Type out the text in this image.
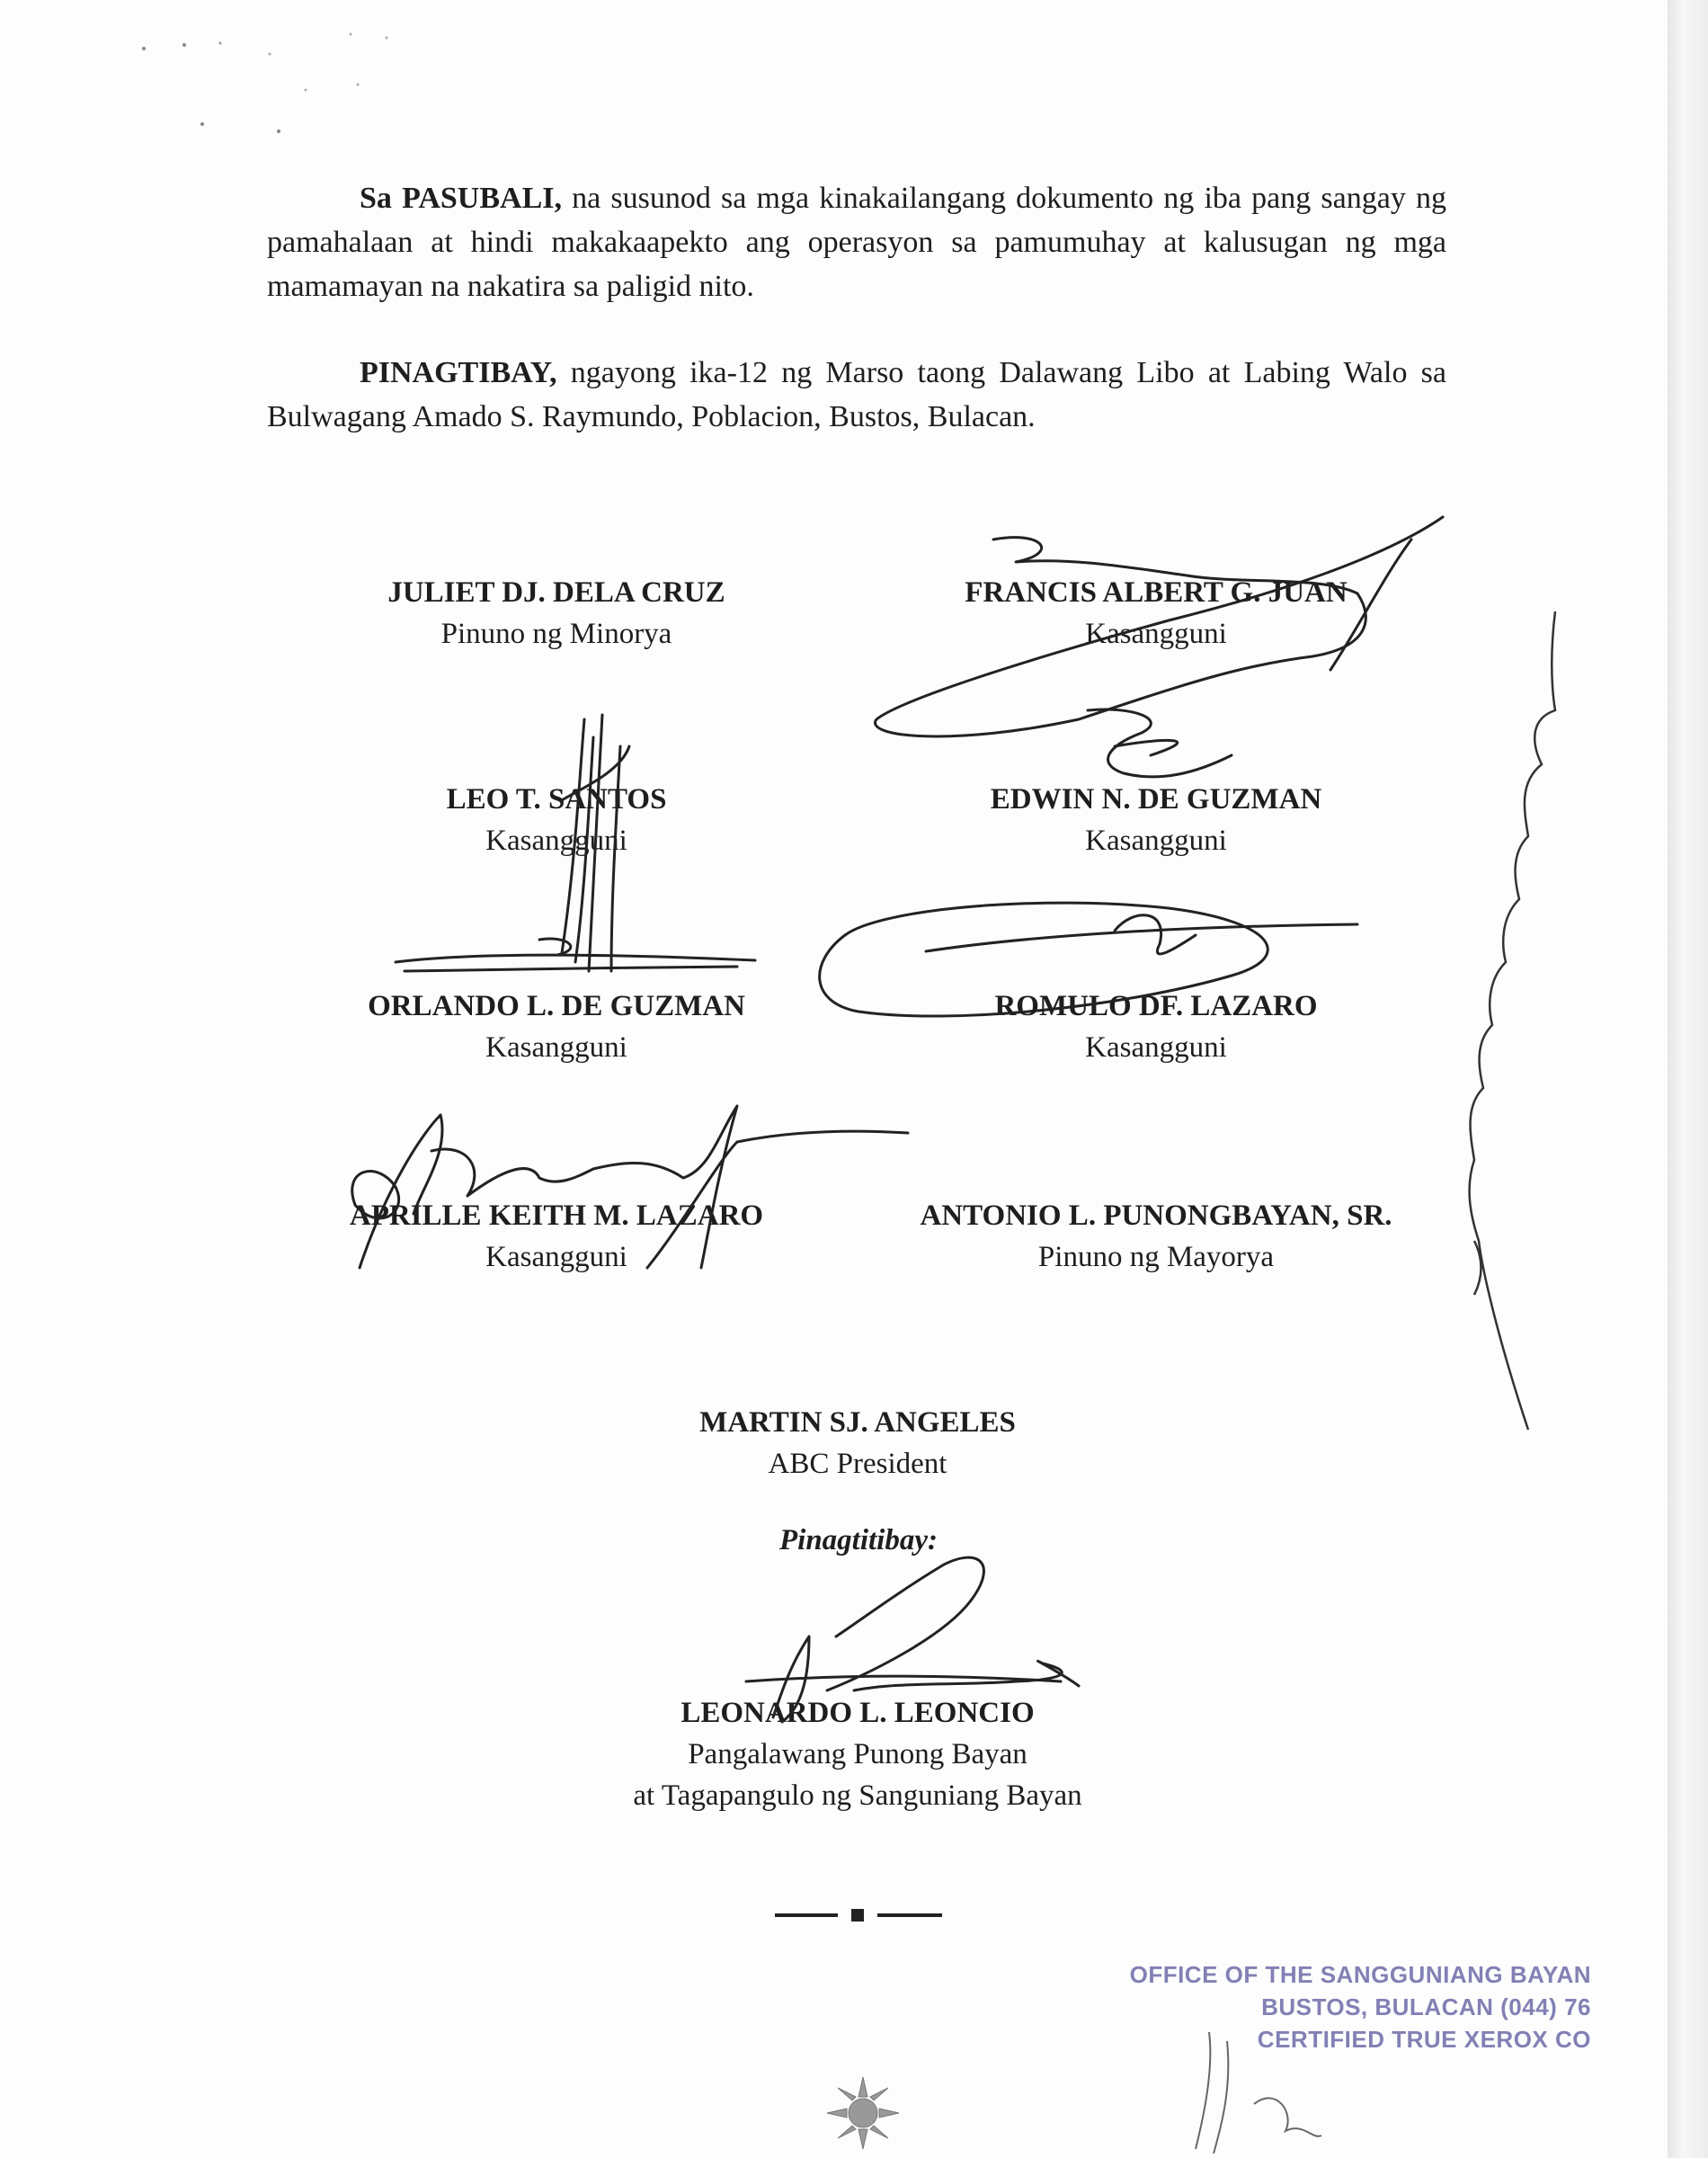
Sa PASUBALI, na susunod sa mga kinakailangang dokumento ng iba pang sangay ng pamahalaan at hindi makakaapekto ang operasyon sa pamumuhay at kalusugan ng mga mamamayan na nakatira sa paligid nito.
PINAGTIBAY, ngayong ika-12 ng Marso taong Dalawang Libo at Labing Walo sa Bulwagang Amado S. Raymundo, Poblacion, Bustos, Bulacan.
JULIET DJ. DELA CRUZ
Pinuno ng Minorya
FRANCIS ALBERT G. JUAN
Kasangguni
LEO T. SANTOS
Kasangguni
EDWIN N. DE GUZMAN
Kasangguni
ORLANDO L. DE GUZMAN
Kasangguni
ROMULO DF. LAZARO
Kasangguni
APRILLE KEITH M. LAZARO
Kasangguni
ANTONIO L. PUNONGBAYAN, SR.
Pinuno ng Mayorya
MARTIN SJ. ANGELES
ABC President
Pinagtitibay:
LEONARDO L. LEONCIO
Pangalawang Punong Bayan
at Tagapangulo ng Sanguniang Bayan
OFFICE OF THE SANGGUNIANG BAYAN
BUSTOS, BULACAN (044) 76
CERTIFIED TRUE XEROX CO
